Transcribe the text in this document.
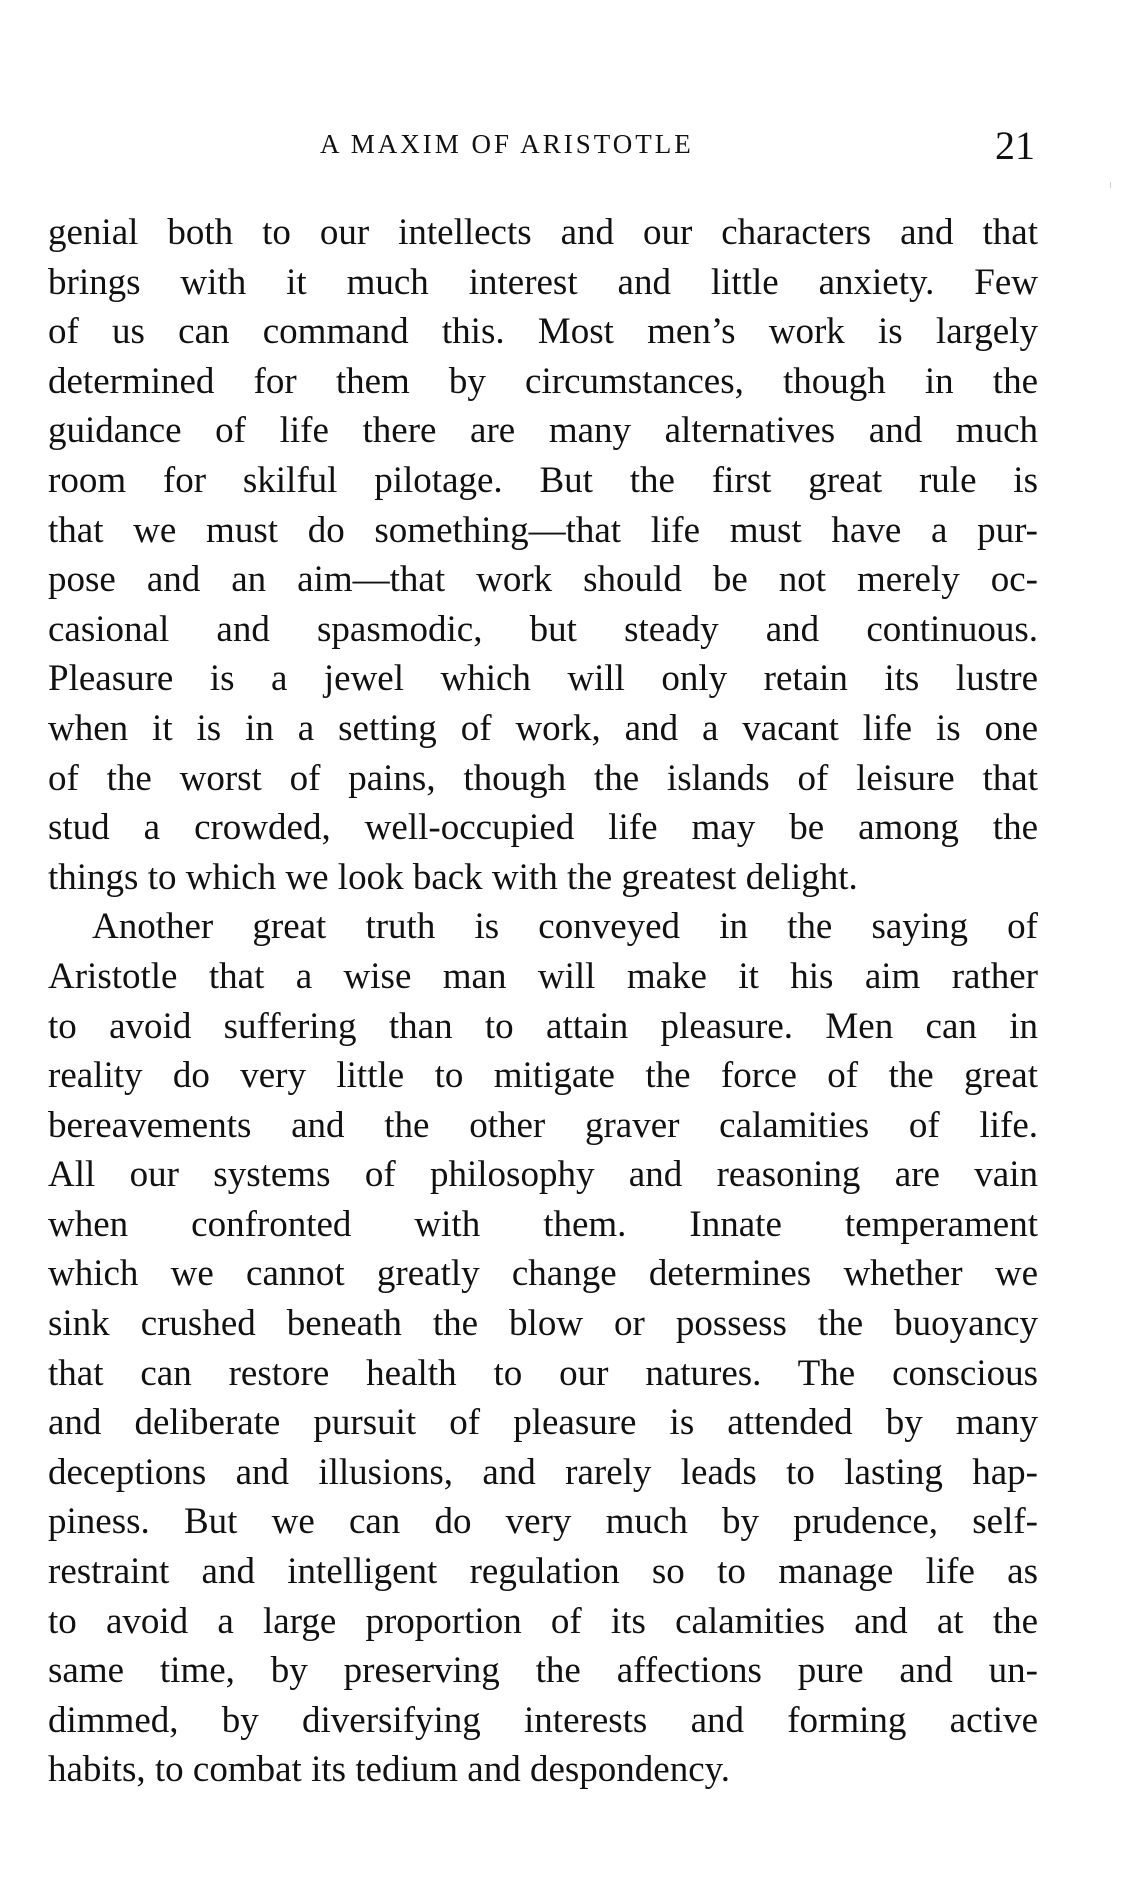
A MAXIM OF ARISTOTLE	21
genial both to our intellects and our characters and that
brings with it much interest and little anxiety. Few
of us can command this. Most men’s work is largely
determined for them by circumstances, though in the
guidance of life there are many alternatives and much
room for skilful pilotage. But the first great rule is
that we must do something—that life must have a pur-
pose and an aim—that work should be not merely oc-
casional and spasmodic, but steady and continuous.
Pleasure is a jewel which will only retain its lustre
when it is in a setting of work, and a vacant life is one
of the worst of pains, though the islands of leisure that
stud a crowded, well-occupied life may be among the
things to which we look back with the greatest delight.
Another great truth is conveyed in the saying of
Aristotle that a wise man will make it his aim rather
to avoid suffering than to attain pleasure. Men can in
reality do very little to mitigate the force of the great
bereavements and the other graver calamities of life.
All our systems of philosophy and reasoning are vain
when confronted with them. Innate temperament
which we cannot greatly change determines whether we
sink crushed beneath the blow or possess the buoyancy
that can restore health to our natures. The conscious
and deliberate pursuit of pleasure is attended by many
deceptions and illusions, and rarely leads to lasting hap-
piness. But we can do very much by prudence, self-
restraint and intelligent regulation so to manage life as
to avoid a large proportion of its calamities and at the
same time, by preserving the affections pure and un-
dimmed, by diversifying interests and forming active
habits, to combat its tedium and despondency.
